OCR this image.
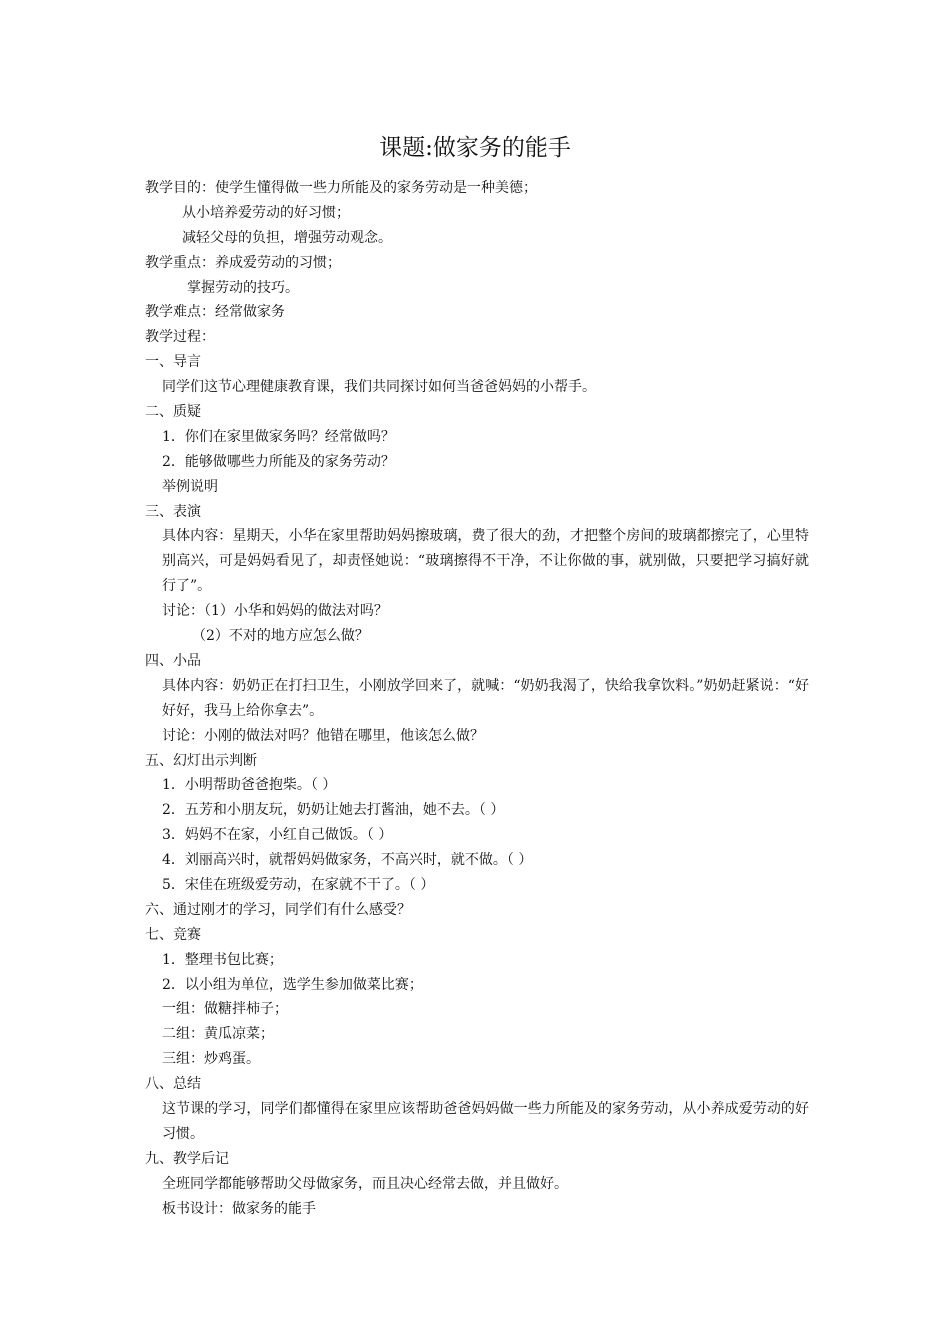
课题:做家务的能手
教学目的：使学生懂得做一些力所能及的家务劳动是一种美德；
从小培养爱劳动的好习惯；
减轻父母的负担，增强劳动观念。
教学重点：养成爱劳动的习惯；
掌握劳动的技巧。
教学难点：经常做家务
教学过程：
一、导言
同学们这节心理健康教育课，我们共同探讨如何当爸爸妈妈的小帮手。
二、质疑
1．你们在家里做家务吗？经常做吗？
2．能够做哪些力所能及的家务劳动？
举例说明
三、表演
具体内容：星期天，小华在家里帮助妈妈擦玻璃，费了很大的劲，才把整个房间的玻璃都擦完了，心里特别高兴，可是妈妈看见了，却责怪她说：“玻璃擦得不干净，不让你做的事，就别做，只要把学习搞好就行了”。
讨论：（1）小华和妈妈的做法对吗？
（2）不对的地方应怎么做？
四、小品
具体内容：奶奶正在打扫卫生，小刚放学回来了，就喊：“奶奶我渴了，快给我拿饮料。”奶奶赶紧说：“好好好，我马上给你拿去”。
讨论：小刚的做法对吗？他错在哪里，他该怎么做？
五、幻灯出示判断
1．小明帮助爸爸抱柴。（ ）
2．五芳和小朋友玩，奶奶让她去打酱油，她不去。（ ）
3．妈妈不在家，小红自己做饭。（ ）
4．刘丽高兴时，就帮妈妈做家务，不高兴时，就不做。（ ）
5．宋佳在班级爱劳动，在家就不干了。（ ）
六、通过刚才的学习，同学们有什么感受？
七、竞赛
1．整理书包比赛；
2．以小组为单位，选学生参加做菜比赛；
一组：做糖拌柿子；
二组：黄瓜凉菜；
三组：炒鸡蛋。
八、总结
这节课的学习，同学们都懂得在家里应该帮助爸爸妈妈做一些力所能及的家务劳动，从小养成爱劳动的好习惯。
九、教学后记
全班同学都能够帮助父母做家务，而且决心经常去做，并且做好。
板书设计：做家务的能手
